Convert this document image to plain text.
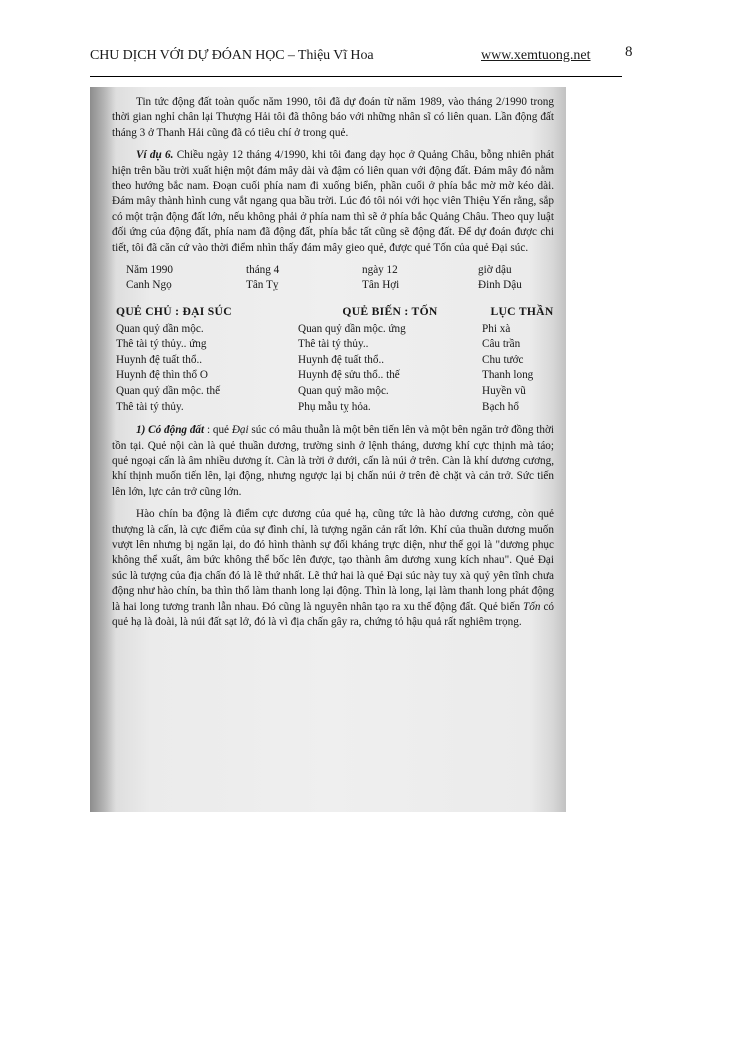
CHU DỊCH VỚI DỰ ĐÓAN HỌC – Thiệu Vĩ Hoa	www.xemtuong.net 8

Tin tức động đất toàn quốc năm 1990, tôi đã dự đoán từ năm 1989, vào tháng 2/1990 trong thời gian nghỉ chân lại Thượng Hải tôi đã thông báo với những nhân sĩ có liên quan. Lần động đất tháng 3 ở Thanh Hải cũng đã có tiêu chí ở trong quẻ.

Ví dụ 6. Chiều ngày 12 tháng 4/1990, khi tôi đang dạy học ở Quảng Châu, bỗng nhiên phát hiện trên bầu trời xuất hiện một đám mây dài và đậm có liên quan với động đất. Đám mây đó nằm theo hướng bắc nam. Đoạn cuối phía nam đi xuống biển, phần cuối ở phía bắc mờ mờ kéo dài. Đám mây thành hình cung vắt ngang qua bầu trời. Lúc đó tôi nói với học viên Thiệu Yến rằng, sắp có một trận động đất lớn, nếu không phải ở phía nam thì sẽ ở phía bắc Quảng Châu. Theo quy luật đối ứng của động đất, phía nam đã động đất, phía bắc tất cũng sẽ động đất. Để dự đoán được chi tiết, tôi đã căn cứ vào thời điểm nhìn thấy đám mây gieo quẻ, được quẻ Tốn của quẻ Đại súc.

Năm 1990	tháng 4	ngày 12	giờ dậu
Canh Ngọ	Tân Tỵ	Tân Hợi	Đinh Dậu
QUẺ CHỦ : ĐẠI SÚC	QUẺ BIẾN : TỐN	LỤC THẦN
Quan quỷ dần mộc.	Quan quỷ dần mộc. ứng	Phi xà
Thê tài tý thủy.. ứng	Thê tài tý thủy..	Câu trần
Huynh đệ tuất thổ..	Huynh đệ tuất thổ..	Chu tước
Huynh đệ thìn thổ O	Huynh đệ sửu thổ.. thế	Thanh long
Quan quỷ dần mộc. thế	Quan quỷ mão mộc.	Huyền vũ
Thê tài tý thủy.	Phụ mẫu tỵ hỏa.	Bạch hổ

1) Có động đất : quẻ Đại súc có mâu thuẫn là một bên tiến lên và một bên ngăn trở đồng thời tồn tại. Quẻ nội càn là quẻ thuần dương, trường sinh ở lệnh tháng, dương khí cực thịnh mà táo; quẻ ngoại cấn là âm nhiều dương ít. Càn là trời ở dưới, cấn là núi ở trên. Càn là khí dương cương, khí thịnh muốn tiến lên, lại động, nhưng ngược lại bị chấn núi ở trên đè chặt và cản trở. Sức tiến lên lớn, lực cản trở cũng lớn.

Hào chín ba động là điểm cực dương của quẻ hạ, cũng tức là hào dương cương, còn quẻ thượng là cấn, là cực điểm của sự đình chỉ, là tượng ngăn cản rất lớn. Khí của thuần dương muốn vượt lên nhưng bị ngăn lại, do đó hình thành sự đối kháng trực diện, như thế gọi là "dương phục không thể xuất, âm bức không thể bốc lên được, tạo thành âm dương xung kích nhau". Quẻ Đại súc là tượng của địa chấn đó là lẽ thứ nhất. Lẽ thứ hai là quẻ Đại súc này tuy xà quỷ yên tĩnh chưa động như hào chín, ba thìn thổ làm thanh long lại động. Thìn là long, lại làm thanh long phát động là hai long tương tranh lẫn nhau. Đó cũng là nguyên nhân tạo ra xu thế động đất. Quẻ biến Tốn có quẻ hạ là đoài, là núi đất sạt lở, đó là vì địa chấn gây ra, chứng tỏ hậu quả rất nghiêm trọng.
